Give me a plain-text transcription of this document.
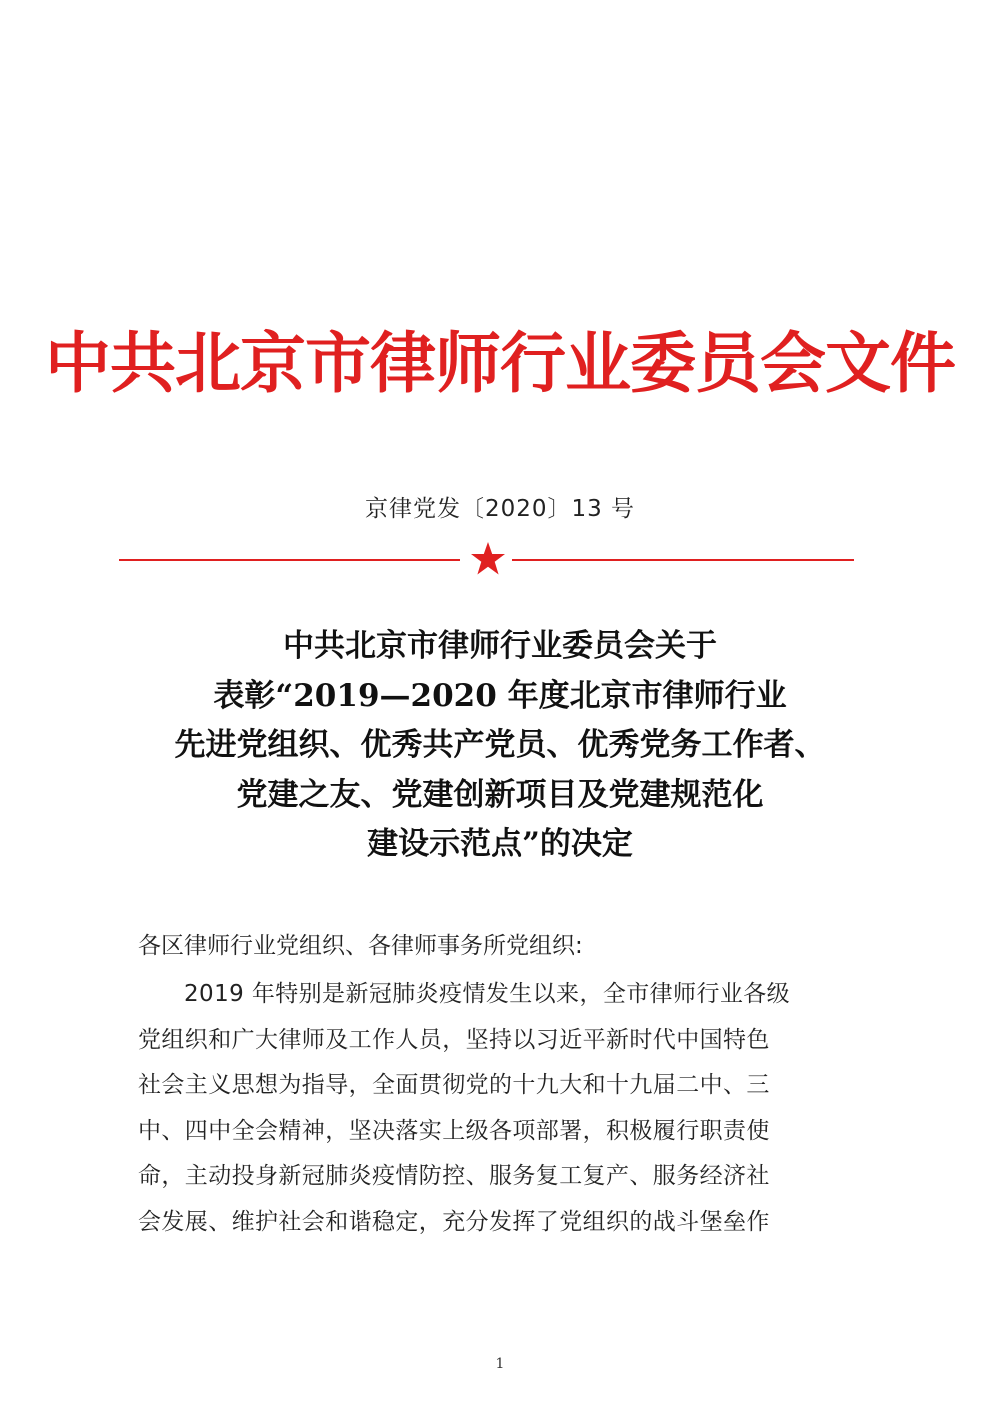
中共北京市律师行业委员会文件
京律党发〔2020〕13 号
中共北京市律师行业委员会关于
表彰“2019—2020 年度北京市律师行业
先进党组织、优秀共产党员、优秀党务工作者、
党建之友、党建创新项目及党建规范化
建设示范点”的决定
各区律师行业党组织、各律师事务所党组织:
2019 年特别是新冠肺炎疫情发生以来，全市律师行业各级
党组织和广大律师及工作人员，坚持以习近平新时代中国特色
社会主义思想为指导，全面贯彻党的十九大和十九届二中、三
中、四中全会精神，坚决落实上级各项部署，积极履行职责使
命，主动投身新冠肺炎疫情防控、服务复工复产、服务经济社
会发展、维护社会和谐稳定，充分发挥了党组织的战斗堡垒作
1
